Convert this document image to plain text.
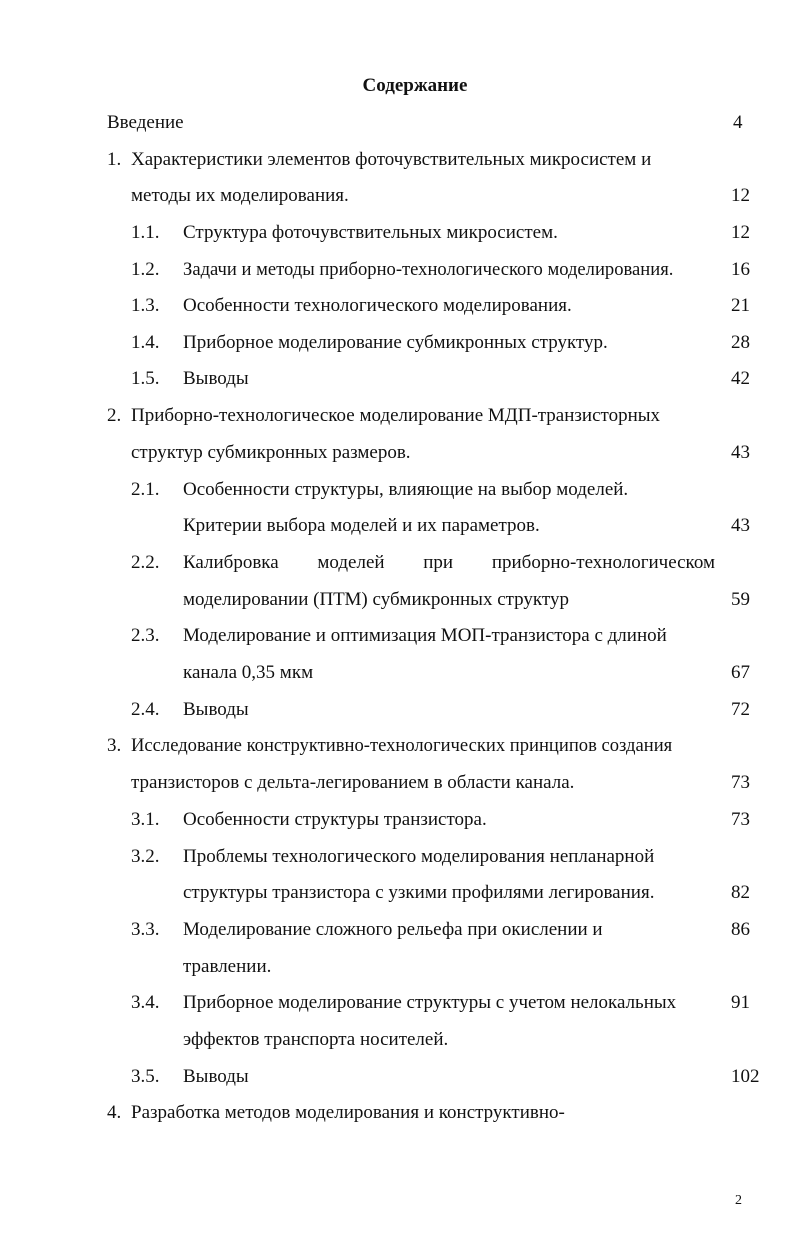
Содержание
Введение	4
1. Характеристики элементов фоточувствительных микросистем и
методы их моделирования.	12
1.1. Структура фоточувствительных микросистем.	12
1.2. Задачи и методы приборно-технологического моделирования.	16
1.3. Особенности технологического моделирования.	21
1.4. Приборное моделирование субмикронных структур.	28
1.5. Выводы	42
2. Приборно-технологическое моделирование МДП-транзисторных
структур субмикронных размеров.	43
2.1. Особенности структуры, влияющие на выбор моделей.
Критерии выбора моделей и их параметров.	43
2.2. Калибровка моделей при приборно-технологическом
моделировании (ПТМ) субмикронных структур	59
2.3. Моделирование и оптимизация МОП-транзистора с длиной
канала 0,35 мкм	67
2.4. Выводы	72
3. Исследование конструктивно-технологических принципов создания
транзисторов с дельта-легированием в области канала.	73
3.1. Особенности структуры транзистора.	73
3.2. Проблемы технологического моделирования непланарной
структуры транзистора с узкими профилями легирования.	82
3.3. Моделирование сложного рельефа при окислении и	86
травлении.
3.4. Приборное моделирование структуры с учетом нелокальных	91
эффектов транспорта носителей.
3.5. Выводы	102
4. Разработка методов моделирования и конструктивно-
2
